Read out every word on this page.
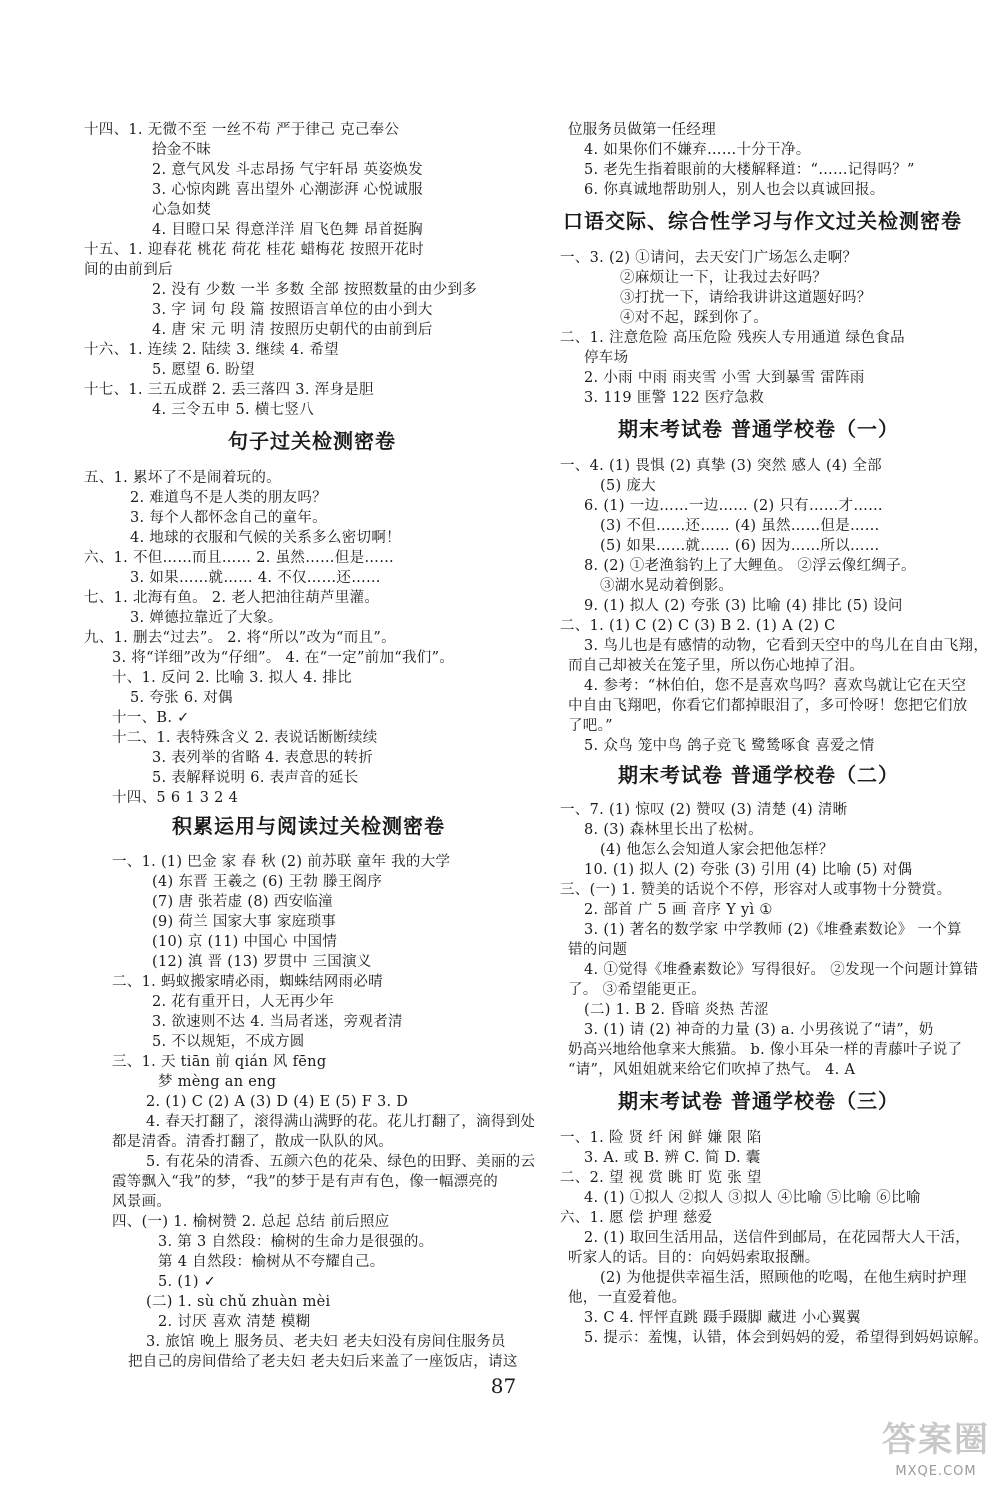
十四、1. 无微不至 一丝不苟 严于律己 克己奉公
拾金不昧
2. 意气风发 斗志昂扬 气宇轩昂 英姿焕发
3. 心惊肉跳 喜出望外 心潮澎湃 心悦诚服
心急如焚
4. 目瞪口呆 得意洋洋 眉飞色舞 昂首挺胸
十五、1. 迎春花 桃花 荷花 桂花 蜡梅花 按照开花时
间的由前到后
2. 没有 少数 一半 多数 全部 按照数量的由少到多
3. 字 词 句 段 篇 按照语言单位的由小到大
4. 唐 宋 元 明 清 按照历史朝代的由前到后
十六、1. 连续 2. 陆续 3. 继续 4. 希望
5. 愿望 6. 盼望
十七、1. 三五成群 2. 丢三落四 3. 浑身是胆
4. 三令五申 5. 横七竖八
句子过关检测密卷
五、1. 累坏了不是闹着玩的。
2. 难道鸟不是人类的朋友吗？
3. 每个人都怀念自己的童年。
4. 地球的衣服和气候的关系多么密切啊！
六、1. 不但……而且…… 2. 虽然……但是……
3. 如果……就…… 4. 不仅……还……
七、1. 北海有鱼。 2. 老人把油往葫芦里灌。
3. 婵德拉靠近了大象。
九、1. 删去“过去”。 2. 将“所以”改为“而且”。
3. 将“详细”改为“仔细”。 4. 在“一定”前加“我们”。
十、1. 反问 2. 比喻 3. 拟人 4. 排比
5. 夸张 6. 对偶
十一、B. ✓
十二、1. 表特殊含义 2. 表说话断断续续
3. 表列举的省略 4. 表意思的转折
5. 表解释说明 6. 表声音的延长
十四、5 6 1 3 2 4
积累运用与阅读过关检测密卷
一、1. (1) 巴金 家 春 秋 (2) 前苏联 童年 我的大学
(4) 东晋 王羲之 (6) 王勃 滕王阁序
(7) 唐 张若虚 (8) 西安临潼
(9) 荷兰 国家大事 家庭琐事
(10) 京 (11) 中国心 中国情
(12) 滇 晋 (13) 罗贯中 三国演义
二、1. 蚂蚁搬家晴必雨，蜘蛛结网雨必晴
2. 花有重开日，人无再少年
3. 欲速则不达 4. 当局者迷，旁观者清
5. 不以规矩，不成方圆
三、1. 天 tiān 前 qián 风 fēng
梦 mèng an eng
2. (1) C (2) A (3) D (4) E (5) F 3. D
4. 春天打翻了，滚得满山满野的花。花儿打翻了，滴得到处
都是清香。清香打翻了，散成一队队的风。
5. 有花朵的清香、五颜六色的花朵、绿色的田野、美丽的云
霞等飘入“我”的梦，“我”的梦于是有声有色，像一幅漂亮的
风景画。
四、(一) 1. 榆树赞 2. 总起 总结 前后照应
3. 第 3 自然段：榆树的生命力是很强的。
第 4 自然段：榆树从不夸耀自己。
5. (1) ✓
(二) 1. sù chǔ zhuàn mèi
2. 讨厌 喜欢 清楚 模糊
3. 旅馆 晚上 服务员、老夫妇 老夫妇没有房间住服务员
把自己的房间借给了老夫妇 老夫妇后来盖了一座饭店，请这
位服务员做第一任经理
4. 如果你们不嫌弃……十分干净。
5. 老先生指着眼前的大楼解释道：“……记得吗？”
6. 你真诚地帮助别人，别人也会以真诚回报。
口语交际、综合性学习与作文过关检测密卷
一、3. (2) ①请问，去天安门广场怎么走啊？
②麻烦让一下，让我过去好吗？
③打扰一下，请给我讲讲这道题好吗？
④对不起，踩到你了。
二、1. 注意危险 高压危险 残疾人专用通道 绿色食品
停车场
2. 小雨 中雨 雨夹雪 小雪 大到暴雪 雷阵雨
3. 119 匪警 122 医疗急救
期末考试卷 普通学校卷（一）
一、4. (1) 畏惧 (2) 真挚 (3) 突然 感人 (4) 全部
(5) 庞大
6. (1) 一边……一边…… (2) 只有……才……
(3) 不但……还…… (4) 虽然……但是……
(5) 如果……就…… (6) 因为……所以……
8. (2) ①老渔翁钓上了大鲤鱼。 ②浮云像红绸子。
③湖水晃动着倒影。
9. (1) 拟人 (2) 夸张 (3) 比喻 (4) 排比 (5) 设问
二、1. (1) C (2) C (3) B 2. (1) A (2) C
3. 鸟儿也是有感情的动物，它看到天空中的鸟儿在自由飞翔，
而自己却被关在笼子里，所以伤心地掉了泪。
4. 参考：“林伯伯，您不是喜欢鸟吗？喜欢鸟就让它在天空
中自由飞翔吧，你看它们都掉眼泪了，多可怜呀！您把它们放
了吧。”
5. 众鸟 笼中鸟 鸽子竞飞 鹭鸶啄食 喜爱之情
期末考试卷 普通学校卷（二）
一、7. (1) 惊叹 (2) 赞叹 (3) 清楚 (4) 清晰
8. (3) 森林里长出了松树。
(4) 他怎么会知道人家会把他怎样？
10. (1) 拟人 (2) 夸张 (3) 引用 (4) 比喻 (5) 对偶
三、(一) 1. 赞美的话说个不停，形容对人或事物十分赞赏。
2. 部首 广 5 画 音序 Y yì ①
3. (1) 著名的数学家 中学教师 (2)《堆叠素数论》 一个算
错的问题
4. ①觉得《堆叠素数论》写得很好。 ②发现一个问题计算错
了。 ③希望能更正。
(二) 1. B 2. 昏暗 炎热 苦涩
3. (1) 请 (2) 神奇的力量 (3) a. 小男孩说了“请”，奶
奶高兴地给他拿来大熊猫。 b. 像小耳朵一样的青藤叶子说了
“请”，风姐姐就来给它们吹掉了热气。 4. A
期末考试卷 普通学校卷（三）
一、1. 险 贤 纤 闲 鲜 嫌 限 陷
3. A. 或 B. 辨 C. 简 D. 囊
二、2. 望 视 赏 眺 盯 览 张 望
4. (1) ①拟人 ②拟人 ③拟人 ④比喻 ⑤比喻 ⑥比喻
六、1. 愿 偿 护理 慈爱
2. (1) 取回生活用品，送信件到邮局，在花园帮大人干活，
听家人的话。目的：向妈妈索取报酬。
(2) 为他提供幸福生活，照顾他的吃喝，在他生病时护理
他，一直爱着他。
3. C 4. 怦怦直跳 蹑手蹑脚 藏进 小心翼翼
5. 提示：羞愧，认错，体会到妈妈的爱，希望得到妈妈谅解。
87
答案圈
MXQE.COM
